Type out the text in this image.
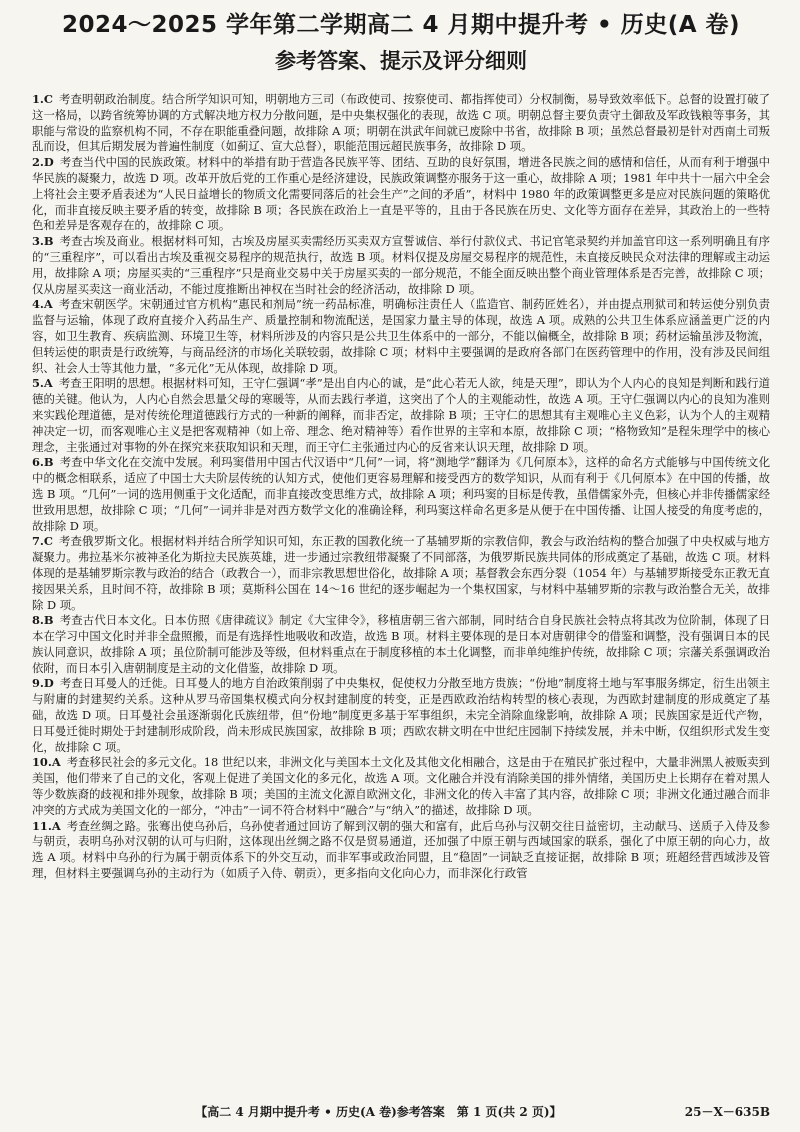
2024～2025 学年第二学期高二 4 月期中提升考 • 历史(A 卷)
参考答案、提示及评分细则

1.C 考查明朝政治制度。结合所学知识可知，明朝地方三司（布政使司、按察使司、都指挥使司）分权制衡，易导致效率低下。总督的设置打破了这一格局，以跨省统筹协调的方式解决地方权力分散问题，是中央集权强化的表现，故选 C 项。明朝总督主要负责守土御敌及军政钱粮等事务，其职能与常设的监察机构不同，不存在职能重叠问题，故排除 A 项；明朝在洪武年间就已废除中书省，故排除 B 项；虽然总督最初是针对西南土司叛乱而设，但其后期发展为普遍性制度（如蓟辽、宣大总督），职能范围远超民族事务，故排除 D 项。

2.D 考查当代中国的民族政策。材料中的举措有助于营造各民族平等、团结、互助的良好氛围，增进各民族之间的感情和信任，从而有利于增强中华民族的凝聚力，故选 D 项。改革开放后党的工作重心是经济建设，民族政策调整亦服务于这一重心，故排除 A 项；1981 年中共十一届六中全会上将社会主要矛盾表述为“人民日益增长的物质文化需要同落后的社会生产”之间的矛盾”，材料中 1980 年的政策调整更多是应对民族问题的策略优化，而非直接反映主要矛盾的转变，故排除 B 项；各民族在政治上一直是平等的，且由于各民族在历史、文化等方面存在差异，其政治上的一些特色和差异是客观存在的，故排除 C 项。

3.B 考查古埃及商业。根据材料可知，古埃及房屋买卖需经历买卖双方宣誓诚信、举行付款仪式、书记官笔录契约并加盖官印这一系列明确且有序的“三重程序”，可以看出古埃及重视交易程序的规范执行，故选 B 项。材料仅提及房屋交易程序的规范性，未直接反映民众对法律的理解或主动运用，故排除 A 项；房屋买卖的“三重程序”只是商业交易中关于房屋买卖的一部分规范，不能全面反映出整个商业管理体系是否完善，故排除 C 项；仅从房屋买卖这一商业活动，不能过度推断出神权在当时社会的经济活动，故排除 D 项。

4.A 考查宋朝医学。宋朝通过官方机构“惠民和剂局”统一药品标准，明确标注责任人（监造官、制药匠姓名），并由提点刑狱司和转运使分别负责监督与运输，体现了政府直接介入药品生产、质量控制和物流配送，是国家力量主导的体现，故选 A 项。成熟的公共卫生体系应涵盖更广泛的内容，如卫生教育、疾病监测、环境卫生等，材料所涉及的内容只是公共卫生体系中的一部分，不能以偏概全，故排除 B 项；药材运输虽涉及物流，但转运使的职责是行政统筹，与商品经济的市场化关联较弱，故排除 C 项；材料中主要强调的是政府各部门在医药管理中的作用，没有涉及民间组织、社会人士等其他力量，“多元化”无从体现，故排除 D 项。

5.A 考查王阳明的思想。根据材料可知，王守仁强调“孝”是出自内心的诚，是“此心若无人欲，纯是天理”，即认为个人内心的良知是判断和践行道德的关键。他认为，人内心自然会思量父母的寒暖等，从而去践行孝道，这突出了个人的主观能动性，故选 A 项。王守仁强调以内心的良知为准则来实践伦理道德，是对传统伦理道德践行方式的一种新的阐释，而非否定，故排除 B 项；王守仁的思想其有主观唯心主义色彩，认为个人的主观精神决定一切，而客观唯心主义是把客观精神（如上帝、理念、绝对精神等）看作世界的主宰和本原，故排除 C 项；“格物致知”是程朱理学中的核心理念，主张通过对事物的外在探究来获取知识和天理，而王守仁主张通过内心的反省来认识天理，故排除 D 项。

6.B 考查中华文化在交流中发展。利玛窦借用中国古代汉语中“几何”一词，将“测地学”翻译为《几何原本》，这样的命名方式能够与中国传统文化中的概念相联系，适应了中国士大夫阶层传统的认知方式，使他们更容易理解和接受西方的数学知识，从而有利于《几何原本》在中国的传播，故选 B 项。“几何”一词的选用侧重于文化适配，而非直接改变思维方式，故排除 A 项；利玛窦的目标是传教，虽借儒家外壳，但核心并非传播儒家经世致用思想，故排除 C 项；“几何”一词并非是对西方数学文化的准确诠释，利玛窦这样命名更多是从便于在中国传播、让国人接受的角度考虑的，故排除 D 项。

7.C 考查俄罗斯文化。根据材料并结合所学知识可知，东正教的国教化统一了基辅罗斯的宗教信仰，教会与政治结构的整合加强了中央权威与地方凝聚力。弗拉基米尔被神圣化为斯拉夫民族英雄，进一步通过宗教纽带凝聚了不同部落，为俄罗斯民族共同体的形成奠定了基础，故选 C 项。材料体现的是基辅罗斯宗教与政治的结合（政教合一），而非宗教思想世俗化，故排除 A 项；基督教会东西分裂（1054 年）与基辅罗斯接受东正教无直接因果关系，且时间不符，故排除 B 项；莫斯科公国在 14～16 世纪的逐步崛起为一个集权国家，与材料中基辅罗斯的宗教与政治整合无关，故排除 D 项。

8.B 考查古代日本文化。日本仿照《唐律疏议》制定《大宝律令》，移植唐朝三省六部制，同时结合自身民族社会特点将其改为位阶制，体现了日本在学习中国文化时并非全盘照搬，而是有选择性地吸收和改造，故选 B 项。材料主要体现的是日本对唐朝律令的借鉴和调整，没有强调日本的民族认同意识，故排除 A 项；虽位阶制可能涉及等级，但材料重点在于制度移植的本土化调整，而非单纯维护传统，故排除 C 项；宗藩关系强调政治依附，而日本引入唐朝制度是主动的文化借鉴，故排除 D 项。

9.D 考查日耳曼人的迁徙。日耳曼人的地方自治政策削弱了中央集权，促使权力分散至地方贵族；“份地”制度将土地与军事服务绑定，衍生出领主与附庸的封建契约关系。这种从罗马帝国集权模式向分权封建制度的转变，正是西欧政治结构转型的核心表现，为西欧封建制度的形成奠定了基础，故选 D 项。日耳曼社会虽逐渐弱化氏族纽带，但“份地”制度更多基于军事组织，未完全消除血缘影响，故排除 A 项；民族国家是近代产物，日耳曼迁徙时期处于封建制形成阶段，尚未形成民族国家，故排除 B 项；西欧农耕文明在中世纪庄园制下持续发展，并未中断，仅组织形式发生变化，故排除 C 项。

10.A 考查移民社会的多元文化。18 世纪以来，非洲文化与美国本土文化及其他文化相融合，这是由于在殖民扩张过程中，大量非洲黑人被贩卖到美国，他们带来了自己的文化，客观上促进了美国文化的多元化，故选 A 项。文化融合并没有消除美国的排外情绪，美国历史上长期存在着对黑人等少数族裔的歧视和排外现象，故排除 B 项；美国的主流文化源自欧洲文化，非洲文化的传入丰富了其内容，故排除 C 项；非洲文化通过融合而非冲突的方式成为美国文化的一部分，“冲击”一词不符合材料中“融合”与“纳入”的描述，故排除 D 项。

11.A 考查丝绸之路。张骞出使乌孙后，乌孙使者通过回访了解到汉朝的强大和富有，此后乌孙与汉朝交往日益密切，主动献马、送质子入侍及参与朝贡，表明乌孙对汉朝的认可与归附，这体现出丝绸之路不仅是贸易通道，还加强了中原王朝与西域国家的联系，强化了中原王朝的向心力，故选 A 项。材料中乌孙的行为属于朝贡体系下的外交互动，而非军事或政治同盟，且“稳固”一词缺乏直接证据，故排除 B 项；班超经营西域涉及管理，但材料主要强调乌孙的主动行为（如质子入侍、朝贡），更多指向文化向心力，而非深化行政管

【高二 4 月期中提升考 • 历史(A 卷)参考答案　第 1 页(共 2 页)】	25－X－635B
